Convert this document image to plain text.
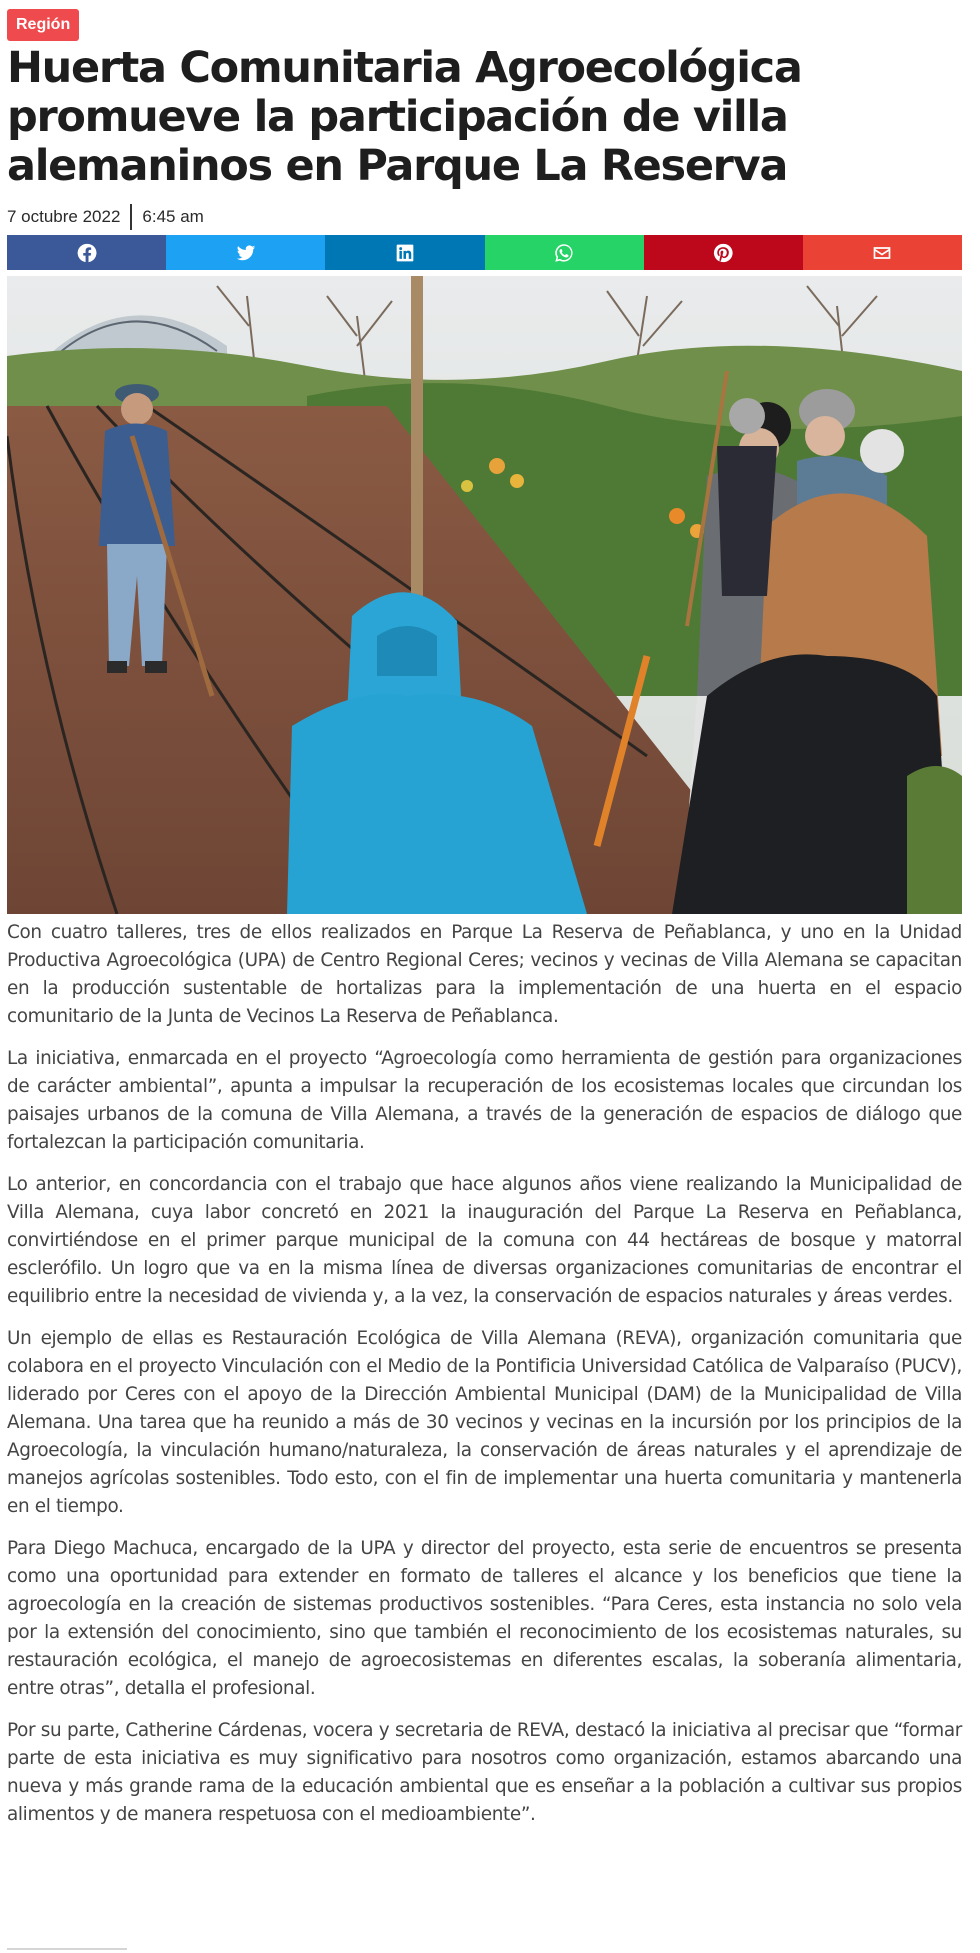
Región
Huerta Comunitaria Agroecológica promueve la participación de villa alemaninos en Parque La Reserva
7 octubre 2022 6:45 am

Con cuatro talleres, tres de ellos realizados en Parque La Reserva de Peñablanca, y uno en la Unidad Productiva Agroecológica (UPA) de Centro Regional Ceres; vecinos y vecinas de Villa Alemana se capacitan en la producción sustentable de hortalizas para la implementación de una huerta en el espacio comunitario de la Junta de Vecinos La Reserva de Peñablanca.

La iniciativa, enmarcada en el proyecto “Agroecología como herramienta de gestión para organizaciones de carácter ambiental”, apunta a impulsar la recuperación de los ecosistemas locales que circundan los paisajes urbanos de la comuna de Villa Alemana, a través de la generación de espacios de diálogo que fortalezcan la participación comunitaria.

Lo anterior, en concordancia con el trabajo que hace algunos años viene realizando la Municipalidad de Villa Alemana, cuya labor concretó en 2021 la inauguración del Parque La Reserva en Peñablanca, convirtiéndose en el primer parque municipal de la comuna con 44 hectáreas de bosque y matorral esclerófilo. Un logro que va en la misma línea de diversas organizaciones comunitarias de encontrar el equilibrio entre la necesidad de vivienda y, a la vez, la conservación de espacios naturales y áreas verdes.

Un ejemplo de ellas es Restauración Ecológica de Villa Alemana (REVA), organización comunitaria que colabora en el proyecto Vinculación con el Medio de la Pontificia Universidad Católica de Valparaíso (PUCV), liderado por Ceres con el apoyo de la Dirección Ambiental Municipal (DAM) de la Municipalidad de Villa Alemana. Una tarea que ha reunido a más de 30 vecinos y vecinas en la incursión por los principios de la Agroecología, la vinculación humano/naturaleza, la conservación de áreas naturales y el aprendizaje de manejos agrícolas sostenibles. Todo esto, con el fin de implementar una huerta comunitaria y mantenerla en el tiempo.

Para Diego Machuca, encargado de la UPA y director del proyecto, esta serie de encuentros se presenta como una oportunidad para extender en formato de talleres el alcance y los beneficios que tiene la agroecología en la creación de sistemas productivos sostenibles. “Para Ceres, esta instancia no solo vela por la extensión del conocimiento, sino que también el reconocimiento de los ecosistemas naturales, su restauración ecológica, el manejo de agroecosistemas en diferentes escalas, la soberanía alimentaria, entre otras”, detalla el profesional.

Por su parte, Catherine Cárdenas, vocera y secretaria de REVA, destacó la iniciativa al precisar que “formar parte de esta iniciativa es muy significativo para nosotros como organización, estamos abarcando una nueva y más grande rama de la educación ambiental que es enseñar a la población a cultivar sus propios alimentos y de manera respetuosa con el medioambiente”.
